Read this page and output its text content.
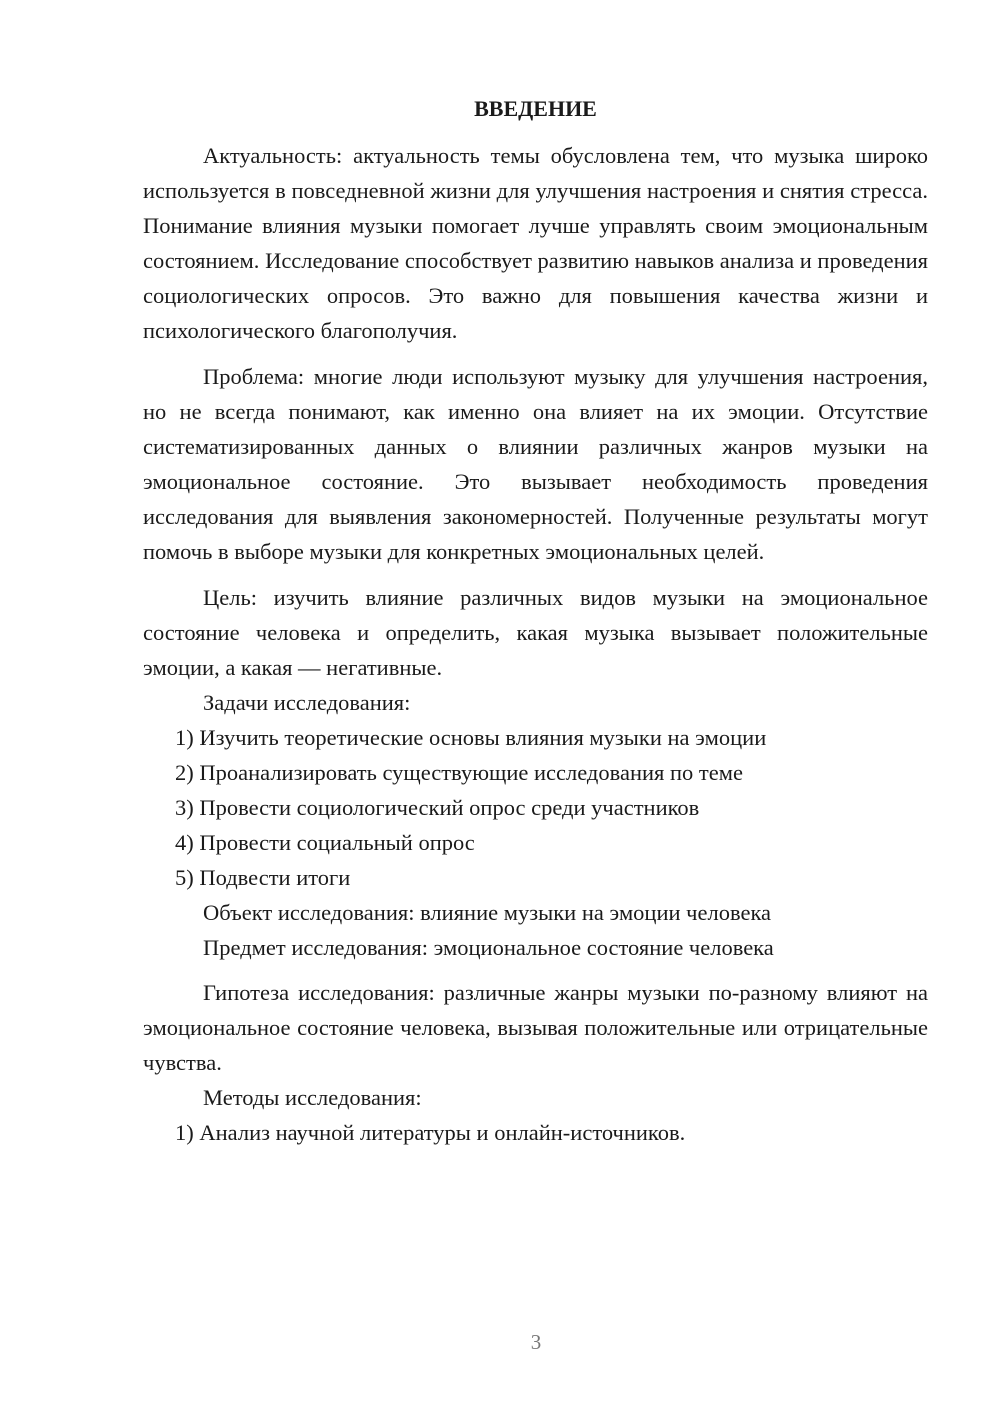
ВВЕДЕНИЕ

Актуальность: актуальность темы обусловлена тем, что музыка широко используется в повседневной жизни для улучшения настроения и снятия стресса. Понимание влияния музыки помогает лучше управлять своим эмоциональным состоянием. Исследование способствует развитию навыков анализа и проведения социологических опросов. Это важно для повышения качества жизни и психологического благополучия.

Проблема: многие люди используют музыку для улучшения настроения, но не всегда понимают, как именно она влияет на их эмоции. Отсутствие систематизированных данных о влиянии различных жанров музыки на эмоциональное состояние. Это вызывает необходимость проведения исследования для выявления закономерностей. Полученные результаты могут помочь в выборе музыки для конкретных эмоциональных целей.

Цель: изучить влияние различных видов музыки на эмоциональное состояние человека и определить, какая музыка вызывает положительные эмоции, а какая — негативные.

Задачи исследования:

1) Изучить теоретические основы влияния музыки на эмоции

2) Проанализировать существующие исследования по теме

3) Провести социологический опрос среди участников

4) Провести социальный опрос

5) Подвести итоги

Объект исследования: влияние музыки на эмоции человека

Предмет исследования: эмоциональное состояние человека

Гипотеза исследования: различные жанры музыки по-разному влияют на эмоциональное состояние человека, вызывая положительные или отрицательные чувства.

Методы исследования:

1) Анализ научной литературы и онлайн-источников.

3
